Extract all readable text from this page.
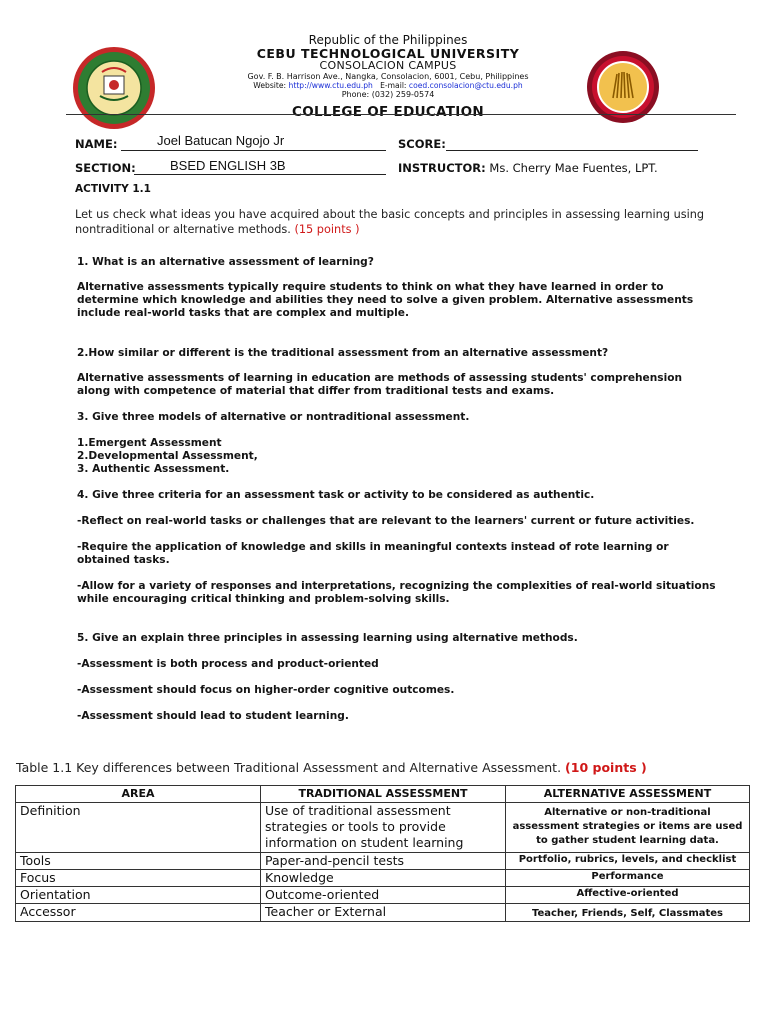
Republic of the Philippines
CEBU TECHNOLOGICAL UNIVERSITY
CONSOLACION CAMPUS
Gov. F. B. Harrison Ave., Nangka, Consolacion, 6001, Cebu, Philippines
Website: http://www.ctu.edu.ph E-mail: coed.consolacion@ctu.edu.ph
Phone: (032) 259-0574
COLLEGE OF EDUCATION
NAME:	Joel Batucan Ngojo Jr	SCORE:
SECTION:	BSED ENGLISH 3B	INSTRUCTOR: Ms. Cherry Mae Fuentes, LPT.
ACTIVITY 1.1
Let us check what ideas you have acquired about the basic concepts and principles in assessing learning using nontraditional or alternative methods. (15 points )
1. What is an alternative assessment of learning?
Alternative assessments typically require students to think on what they have learned in order to determine which knowledge and abilities they need to solve a given problem. Alternative assessments include real-world tasks that are complex and multiple.
2.How similar or different is the traditional assessment from an alternative assessment?
Alternative assessments of learning in education are methods of assessing students' comprehension along with competence of material that differ from traditional tests and exams.
3. Give three models of alternative or nontraditional assessment.
1.Emergent Assessment
2.Developmental Assessment,
3. Authentic Assessment.
4. Give three criteria for an assessment task or activity to be considered as authentic.
-Reflect on real-world tasks or challenges that are relevant to the learners' current or future activities.
-Require the application of knowledge and skills in meaningful contexts instead of rote learning or obtained tasks.
-Allow for a variety of responses and interpretations, recognizing the complexities of real-world situations while encouraging critical thinking and problem-solving skills.
5. Give an explain three principles in assessing learning using alternative methods.
-Assessment is both process and product-oriented
-Assessment should focus on higher-order cognitive outcomes.
-Assessment should lead to student learning.
Table 1.1 Key differences between Traditional Assessment and Alternative Assessment. (10 points )
AREA	TRADITIONAL ASSESSMENT	ALTERNATIVE ASSESSMENT
Definition	Use of traditional assessment strategies or tools to provide information on student learning	Alternative or non-traditional assessment strategies or items are used to gather student learning data.
Tools	Paper-and-pencil tests	Portfolio, rubrics, levels, and checklist
Focus	Knowledge	Performance
Orientation	Outcome-oriented	Affective-oriented
Accessor	Teacher or External	Teacher, Friends, Self, Classmates
